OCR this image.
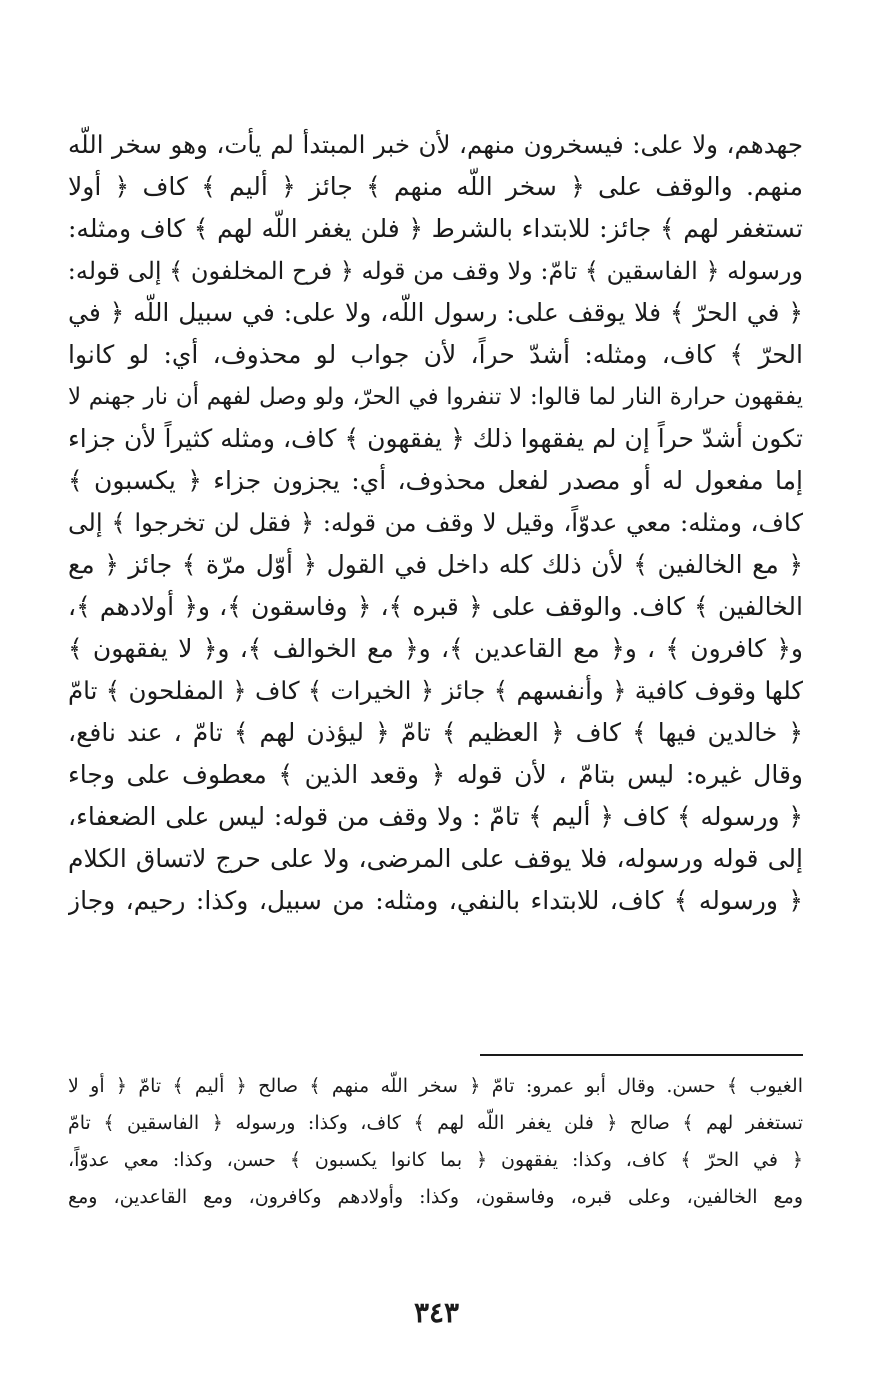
جهدهم، ولا على: فيسخرون منهم، لأن خبر المبتدأ لم يأت، وهو سخر اللّه
منهم. والوقف على ﴿ سخر اللّه منهم ﴾ جائز ﴿ أليم ﴾ كاف ﴿ أولا
تستغفر لهم ﴾ جائز: للابتداء بالشرط ﴿ فلن يغفر اللّه لهم ﴾ كاف ومثله:
ورسوله ﴿ الفاسقين ﴾ تامّ: ولا وقف من قوله ﴿ فرح المخلفون ﴾ إلى قوله:
﴿ في الحرّ ﴾ فلا يوقف على: رسول اللّه، ولا على: في سبيل اللّه ﴿ في
الحرّ ﴾ كاف، ومثله: أشدّ حراً، لأن جواب لو محذوف، أي: لو كانوا
يفقهون حرارة النار لما قالوا: لا تنفروا في الحرّ، ولو وصل لفهم أن نار جهنم لا
تكون أشدّ حراً إن لم يفقهوا ذلك ﴿ يفقهون ﴾ كاف، ومثله كثيراً لأن جزاء
إما مفعول له أو مصدر لفعل محذوف، أي: يجزون جزاء ﴿ يكسبون ﴾
كاف، ومثله: معي عدوّاً، وقيل لا وقف من قوله: ﴿ فقل لن تخرجوا ﴾ إلى
﴿ مع الخالفين ﴾ لأن ذلك كله داخل في القول ﴿ أوّل مرّة ﴾ جائز ﴿ مع
الخالفين ﴾ كاف. والوقف على ﴿ قبره ﴾، ﴿ وفاسقون ﴾، و﴿ أولادهم ﴾،
و﴿ كافرون ﴾ ، و﴿ مع القاعدين ﴾، و﴿ مع الخوالف ﴾، و﴿ لا يفقهون ﴾
كلها وقوف كافية ﴿ وأنفسهم ﴾ جائز ﴿ الخيرات ﴾ كاف ﴿ المفلحون ﴾ تامّ
﴿ خالدين فيها ﴾ كاف ﴿ العظيم ﴾ تامّ ﴿ ليؤذن لهم ﴾ تامّ ، عند نافع،
وقال غيره: ليس بتامّ ، لأن قوله ﴿ وقعد الذين ﴾ معطوف على وجاء
﴿ ورسوله ﴾ كاف ﴿ أليم ﴾ تامّ : ولا وقف من قوله: ليس على الضعفاء،
إلى قوله ورسوله، فلا يوقف على المرضى، ولا على حرج لاتساق الكلام
﴿ ورسوله ﴾ كاف، للابتداء بالنفي، ومثله: من سبيل، وكذا: رحيم، وجاز
الغيوب ﴾ حسن. وقال أبو عمرو: تامّ ﴿ سخر اللّه منهم ﴾ صالح ﴿ أليم ﴾ تامّ ﴿ أو لا
تستغفر لهم ﴾ صالح ﴿ فلن يغفر اللّه لهم ﴾ كاف، وكذا: ورسوله ﴿ الفاسقين ﴾ تامّ
﴿ في الحرّ ﴾ كاف، وكذا: يفقهون ﴿ بما كانوا يكسبون ﴾ حسن، وكذا: معي عدوّاً،
ومع الخالفين، وعلى قبره، وفاسقون، وكذا: وأولادهم وكافرون، ومع القاعدين، ومع
٣٤٣
